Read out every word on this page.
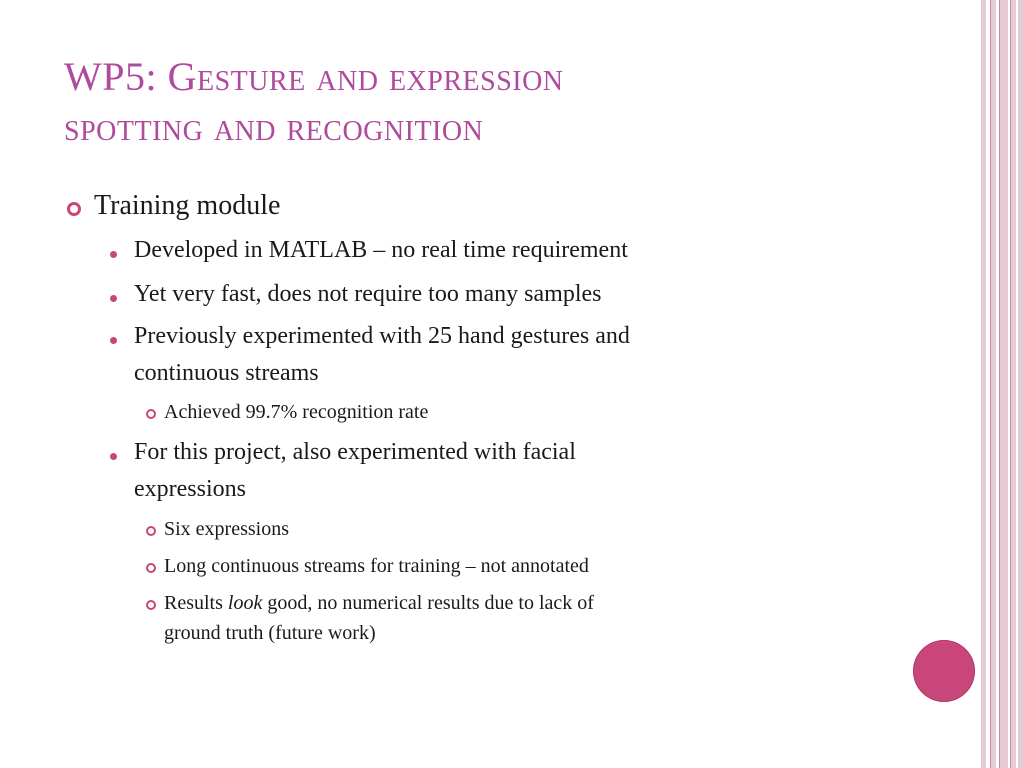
WP5: Gesture and expression
spotting and recognition
Training module
Developed in MATLAB – no real time requirement
Yet very fast, does not require too many samples
Previously experimented with 25 hand gestures and
continuous streams
Achieved 99.7% recognition rate
For this project, also experimented with facial
expressions
Six expressions
Long continuous streams for training – not annotated
Results look good, no numerical results due to lack of
ground truth (future work)
